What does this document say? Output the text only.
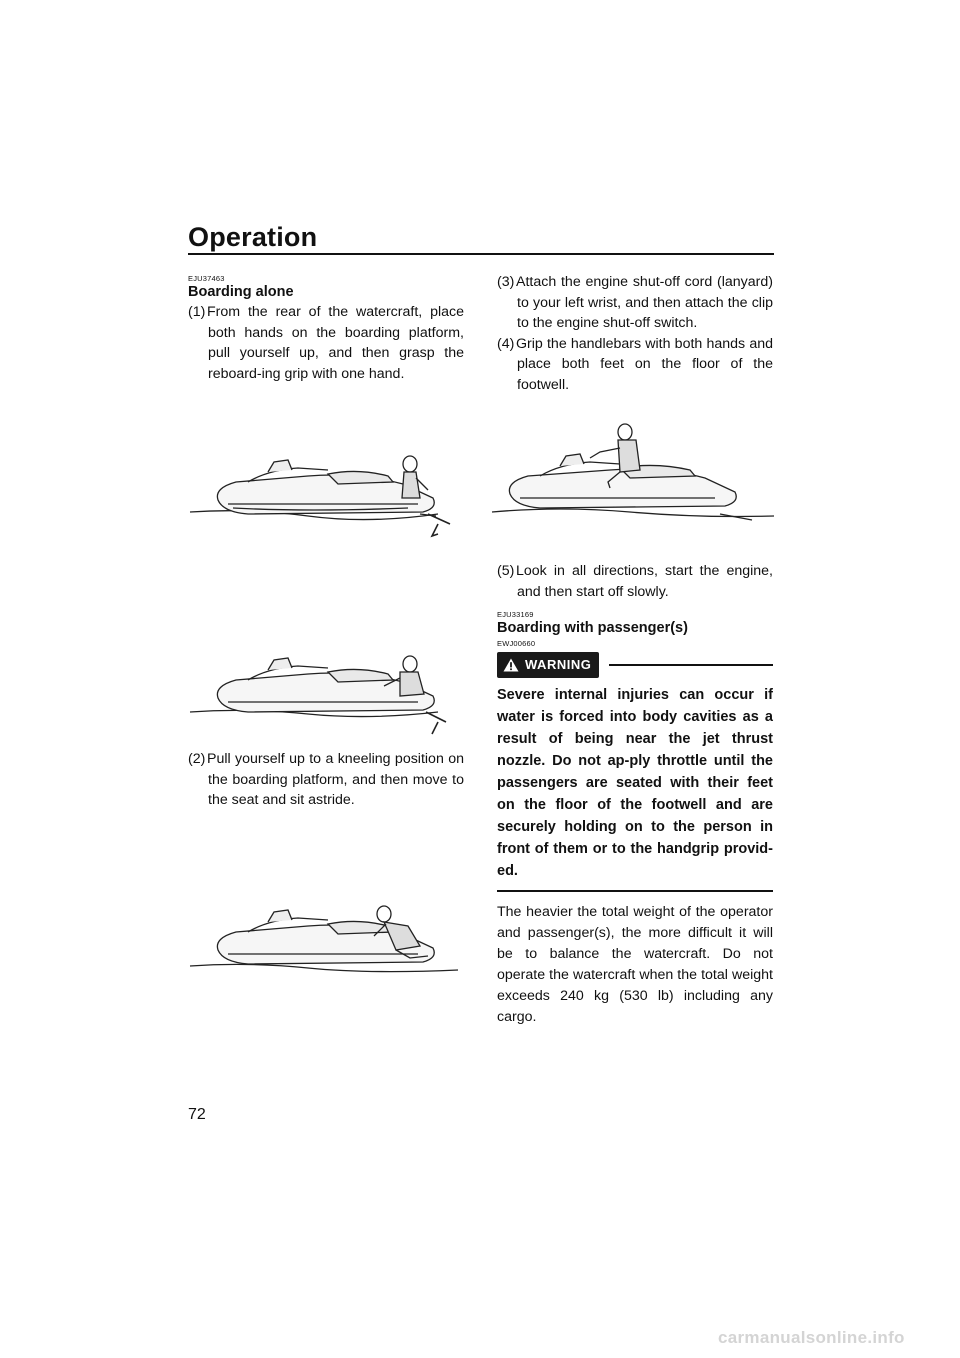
Operation
EJU37463
Boarding alone
(1) From the rear of the watercraft, place both hands on the boarding platform, pull yourself up, and then grasp the reboard-ing grip with one hand.
(2) Pull yourself up to a kneeling position on the boarding platform, and then move to the seat and sit astride.
(3) Attach the engine shut-off cord (lanyard) to your left wrist, and then attach the clip to the engine shut-off switch.
(4) Grip the handlebars with both hands and place both feet on the floor of the footwell.
(5) Look in all directions, start the engine, and then start off slowly.
EJU33169
Boarding with passenger(s)
EWJ00660
WARNING
Severe internal injuries can occur if water is forced into body cavities as a result of being near the jet thrust nozzle. Do not ap-ply throttle until the passengers are seated with their feet on the floor of the footwell and are securely holding on to the person in front of them or to the handgrip provid-ed.
The heavier the total weight of the operator and passenger(s), the more difficult it will be to balance the watercraft. Do not operate the watercraft when the total weight exceeds 240 kg (530 lb) including any cargo.
72
carmanualsonline.info
